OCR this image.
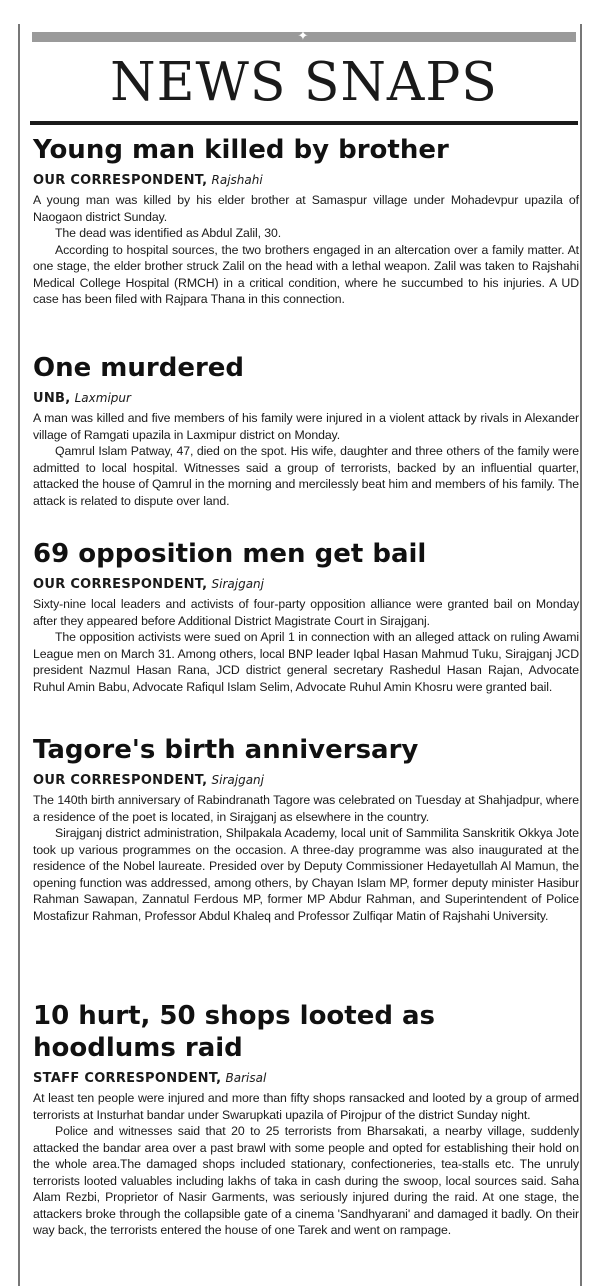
✦
NEWS SNAPS
Young man killed by brother
OUR CORRESPONDENT, Rajshahi

A young man was killed by his elder brother at Samaspur village under Mohadevpur upazila of Naogaon district Sunday.

The dead was identified as Abdul Zalil, 30.

According to hospital sources, the two brothers engaged in an altercation over a family matter. At one stage, the elder brother struck Zalil on the head with a lethal weapon. Zalil was taken to Rajshahi Medical College Hospital (RMCH) in a critical condition, where he succumbed to his injuries. A UD case has been filed with Rajpara Thana in this connection.

One murdered
UNB, Laxmipur

A man was killed and five members of his family were injured in a violent attack by rivals in Alexander village of Ramgati upazila in Laxmipur district on Monday.

Qamrul Islam Patway, 47, died on the spot. His wife, daughter and three others of the family were admitted to local hospital. Witnesses said a group of terrorists, backed by an influential quarter, attacked the house of Qamrul in the morning and mercilessly beat him and members of his family. The attack is related to dispute over land.

69 opposition men get bail
OUR CORRESPONDENT, Sirajganj

Sixty-nine local leaders and activists of four-party opposition alliance were granted bail on Monday after they appeared before Additional District Magistrate Court in Sirajganj.

The opposition activists were sued on April 1 in connection with an alleged attack on ruling Awami League men on March 31. Among others, local BNP leader Iqbal Hasan Mahmud Tuku, Sirajganj JCD president Nazmul Hasan Rana, JCD district general secretary Rashedul Hasan Rajan, Advocate Ruhul Amin Babu, Advocate Rafiqul Islam Selim, Advocate Ruhul Amin Khosru were granted bail.

Tagore's birth anniversary
OUR CORRESPONDENT, Sirajganj

The 140th birth anniversary of Rabindranath Tagore was celebrated on Tuesday at Shahjadpur, where a residence of the poet is located, in Sirajganj as elsewhere in the country.

Sirajganj district administration, Shilpakala Academy, local unit of Sammilita Sanskritik Okkya Jote took up various programmes on the occasion. A three-day programme was also inaugurated at the residence of the Nobel laureate. Presided over by Deputy Commissioner Hedayetullah Al Mamun, the opening function was addressed, among others, by Chayan Islam MP, former deputy minister Hasibur Rahman Sawapan, Zannatul Ferdous MP, former MP Abdur Rahman, and Superintendent of Police Mostafizur Rahman, Professor Abdul Khaleq and Professor Zulfiqar Matin of Rajshahi University.

10 hurt, 50 shops looted as hoodlums raid
STAFF CORRESPONDENT, Barisal

At least ten people were injured and more than fifty shops ransacked and looted by a group of armed terrorists at Insturhat bandar under Swarupkati upazila of Pirojpur of the district Sunday night.

Police and witnesses said that 20 to 25 terrorists from Bharsakati, a nearby village, suddenly attacked the bandar area over a past brawl with some people and opted for establishing their hold on the whole area.The damaged shops included stationary, confectioneries, tea-stalls etc. The unruly terrorists looted valuables including lakhs of taka in cash during the swoop, local sources said. Saha Alam Rezbi, Proprietor of Nasir Garments, was seriously injured during the raid. At one stage, the attackers broke through the collapsible gate of a cinema 'Sandhyarani' and damaged it badly. On their way back, the terrorists entered the house of one Tarek and went on rampage.
